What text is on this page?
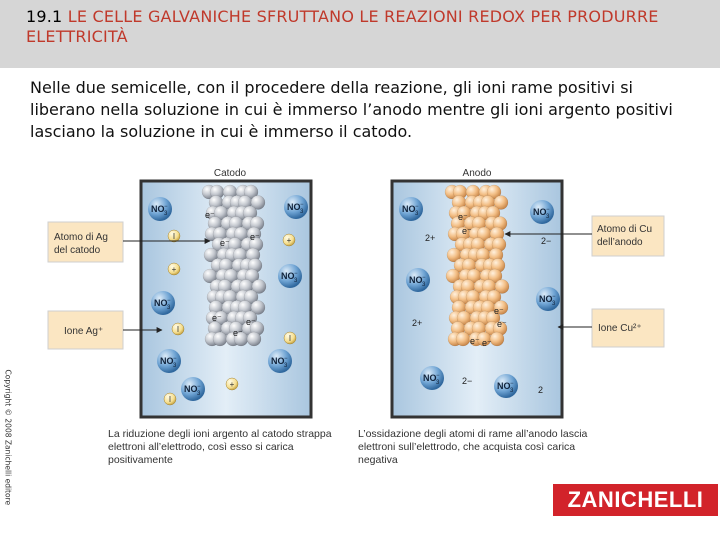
19.1 LE CELLE GALVANICHE SFRUTTANO LE REAZIONI REDOX PER PRODURRE ELETTRICITÀ
Nelle due semicelle, con il procedere della reazione, gli ioni rame positivi si liberano nella soluzione in cui è immerso l’anodo mentre gli ioni argento positivi lasciano la soluzione in cui è immerso il catodo.
Copyright © 2008 Zanichelli editore
Catodo	Anodo
NO 3
−	NO 3
−
NO 3
−
NO 3
−
NO 3
−	NO 3
−
NO 3
−
I
I
I
I
+
+
+
e⁻
e⁻
e⁻
e⁻	e⁻
e⁻
NO 3
−	NO 3
−
NO 3
−
NO 3
−
NO 3
−
NO 3
−
2+	2−
2+
2−
2
e⁻
e⁻
e⁻
e⁻ e⁻
e⁻
Atomo di Ag
del catodo
Ione Ag⁺
Atomo di Cu
dell’anodo
Ione Cu²⁺
La riduzione degli ioni argento al catodo strappa elettroni all’elettrodo, così esso si carica positivamente
L’ossidazione degli atomi di rame all’anodo lascia elettroni sull’elettrodo, che acquista così carica negativa
ZANICHELLI
